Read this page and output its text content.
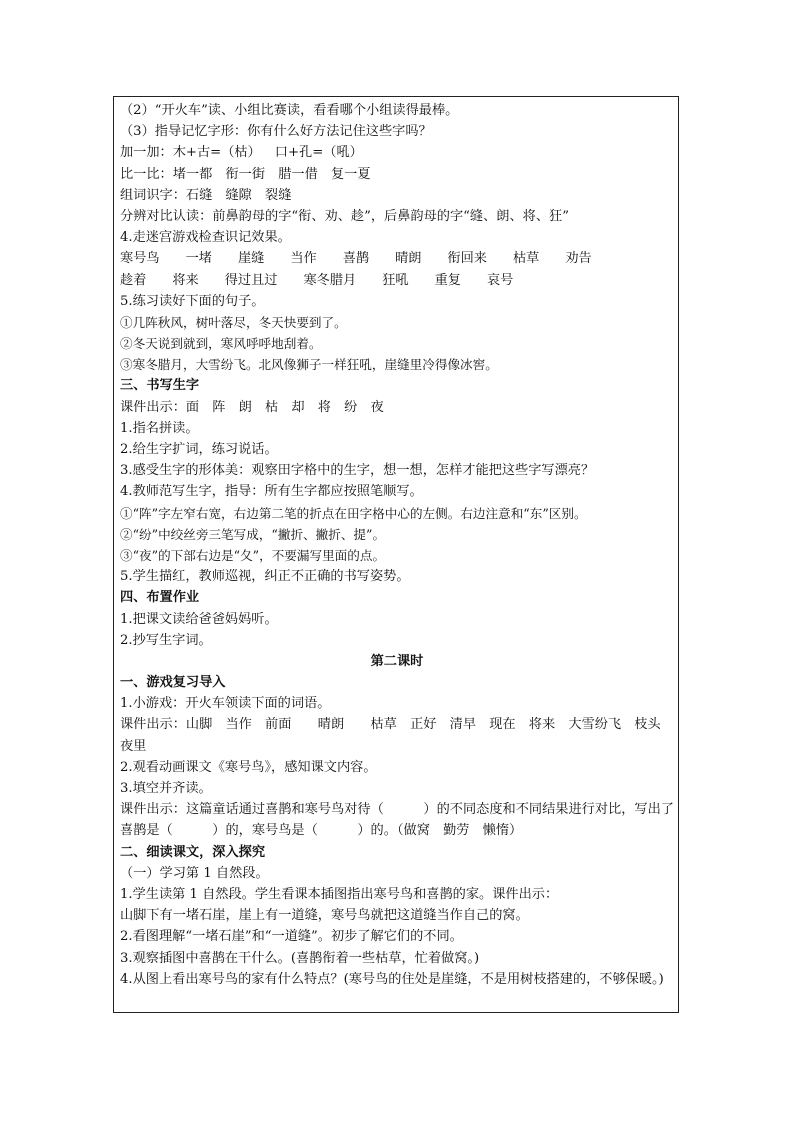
（2）“开火车”读、小组比赛读，看看哪个小组读得最棒。
（3）指导记忆字形：你有什么好方法记住这些字吗？
加一加：木+古=（枯） 口+孔=（吼）
比一比：堵一都　衔一街　腊一借　复一夏
组词识字：石缝　缝隙　裂缝
分辨对比认读：前鼻韵母的字“衔、劝、趁”，后鼻韵母的字“缝、朗、将、狂”
4.走迷宫游戏检查识记效果。
寒号鸟 一堵 崖缝 当作 喜鹊 晴朗 衔回来 枯草 劝告
趁着 将来 得过且过 寒冬腊月 狂吼 重复 哀号
5.练习读好下面的句子。
①几阵秋风，树叶落尽，冬天快要到了。
②冬天说到就到，寒风呼呼地刮着。
③寒冬腊月，大雪纷飞。北风像狮子一样狂吼，崖缝里冷得像冰窖。
三、书写生字
课件出示：面　阵　朗　枯　却　将　纷　夜
1.指名拼读。
2.给生字扩词，练习说话。
3.感受生字的形体美：观察田字格中的生字，想一想，怎样才能把这些字写漂亮？
4.教师范写生字，指导：所有生字都应按照笔顺写。
①“阵”字左窄右宽，右边第二笔的折点在田字格中心的左侧。右边注意和“东”区别。
②“纷”中绞丝旁三笔写成，“撇折、撇折、提”。
③“夜”的下部右边是“夂”，不要漏写里面的点。
5.学生描红，教师巡视，纠正不正确的书写姿势。
四、布置作业
1.把课文读给爸爸妈妈听。
2.抄写生字词。
第二课时
一、游戏复习导入
1.小游戏：开火车领读下面的词语。
课件出示：山脚　当作　前面　　晴朗　　枯草　正好　清早　现在　将来　大雪纷飞　枝头
夜里
2.观看动画课文《寒号鸟》，感知课文内容。
3.填空并齐读。
课件出示：这篇童话通过喜鹊和寒号鸟对待（　　　）的不同态度和不同结果进行对比，写出了喜鹊是（　　　）的，寒号鸟是（　　　）的。（做窝　勤劳　懒惰）
二、细读课文，深入探究
（一）学习第 1 自然段。
1.学生读第 1 自然段。学生看课本插图指出寒号鸟和喜鹊的家。课件出示：
山脚下有一堵石崖，崖上有一道缝，寒号鸟就把这道缝当作自己的窝。
2.看图理解“一堵石崖”和“一道缝”。初步了解它们的不同。
3.观察插图中喜鹊在干什么。(喜鹊衔着一些枯草，忙着做窝。)
4.从图上看出寒号鸟的家有什么特点？(寒号鸟的住处是崖缝，不是用树枝搭建的，不够保暖。)
